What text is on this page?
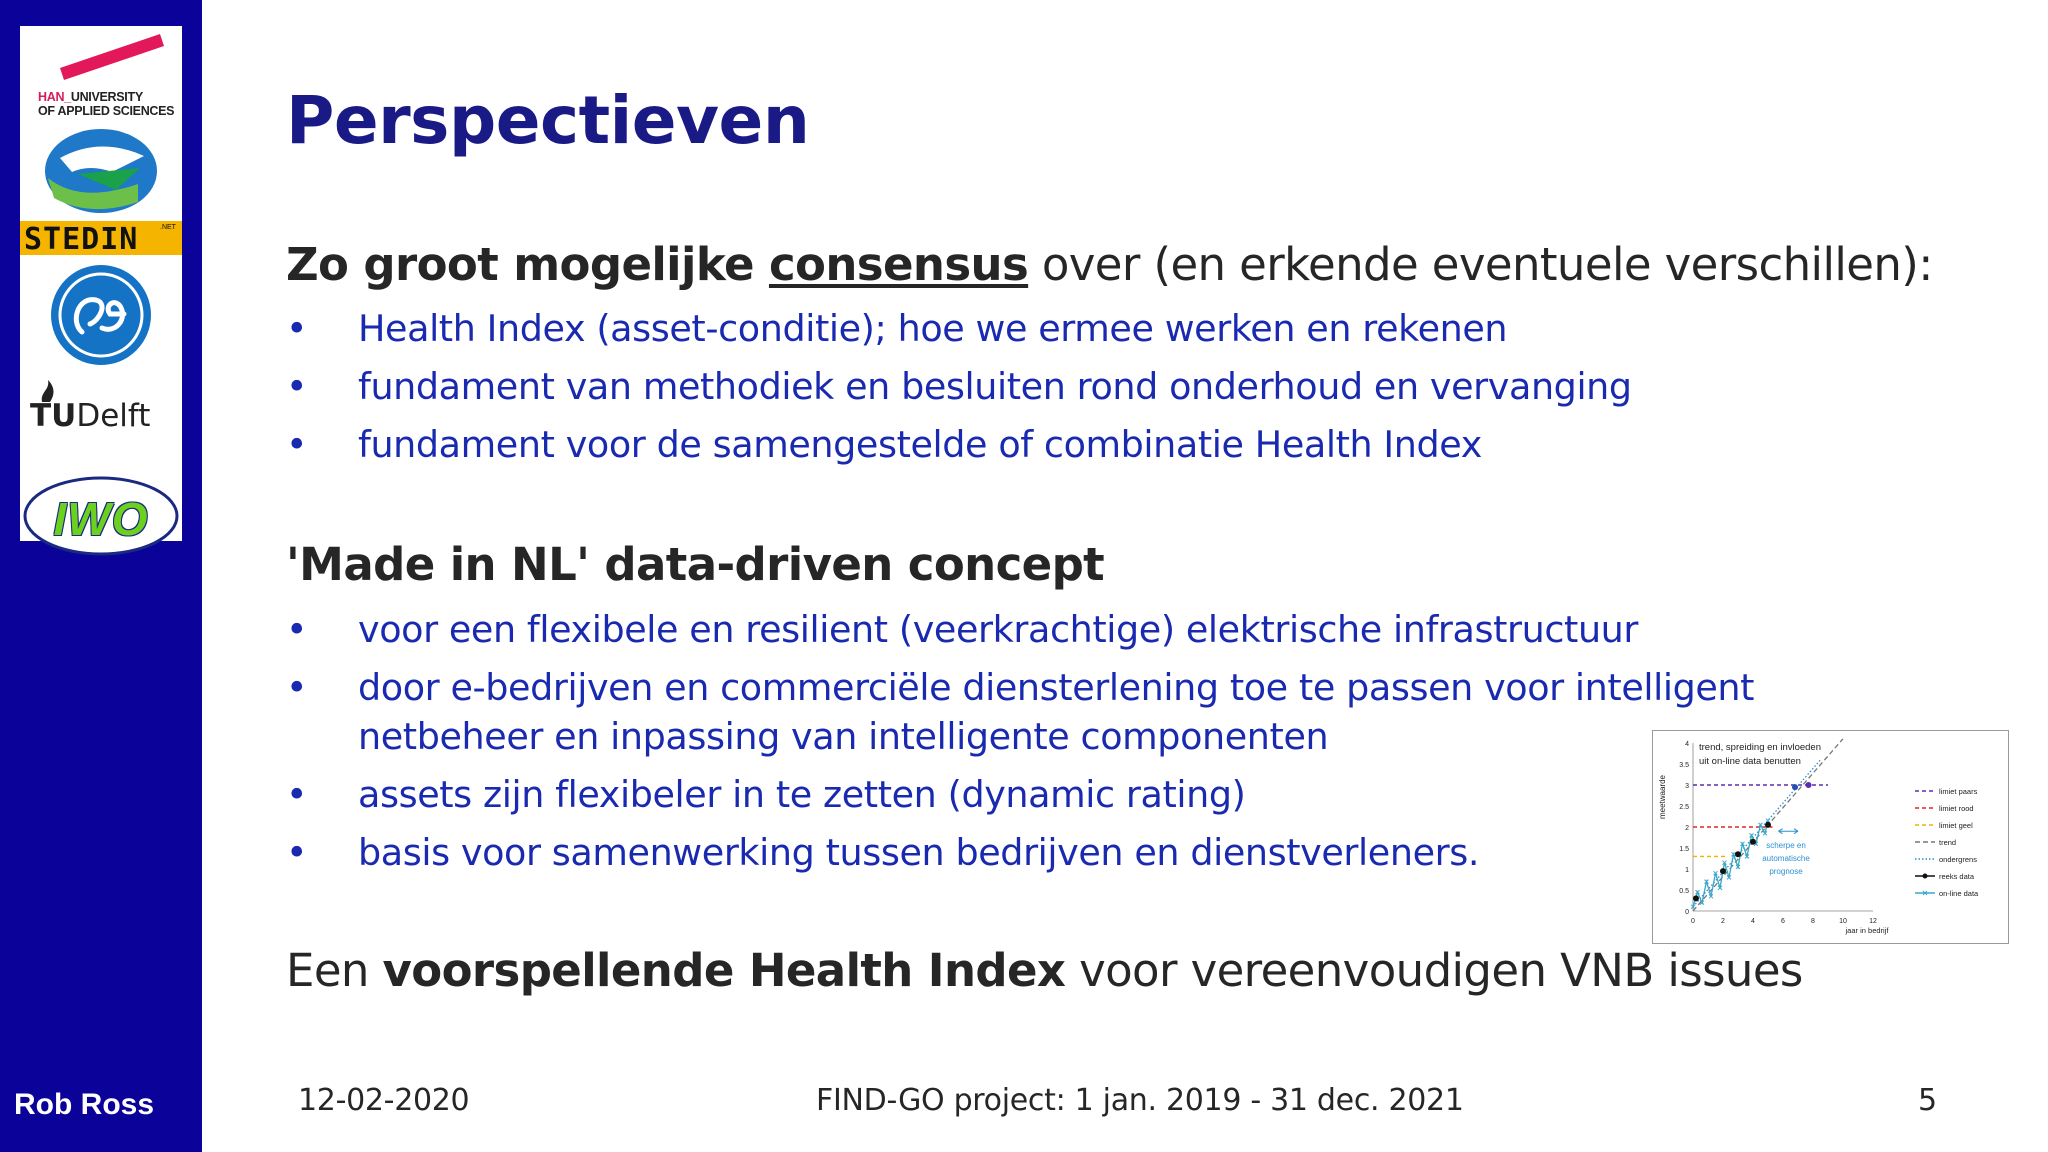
HAN_UNIVERSITY
OF APPLIED SCIENCES
STEDIN	.NET
TUDelft
IWO
Rob Ross
Perspectieven
Zo groot mogelijke consensus over (en erkende eventuele verschillen):
• Health Index (asset-conditie); hoe we ermee werken en rekenen
• fundament van methodiek en besluiten rond onderhoud en vervanging
• fundament voor de samengestelde of combinatie Health Index
'Made in NL' data-driven concept
• voor een flexibele en resilient (veerkrachtige) elektrische infrastructuur
• door e-bedrijven en commerciële diensterlening toe te passen voor intelligent netbeheer en inpassing van intelligente componenten
• assets zijn flexibeler in te zetten (dynamic rating)
• basis voor samenwerking tussen bedrijven en dienstverleners.
0
0.5
1
1.5
2
2.5
3
3.5
4
0	2	4	6	8	10	12
meetwaarde
jaar in bedrijf
trend, spreiding en invloeden
uit on-line data benutten
scherpe en
automatische
prognose
limiet paars
limiet rood
limiet geel
trend
ondergrens
reeks data
on-line data
Een voorspellende Health Index voor vereenvoudigen VNB issues
12-02-2020	FIND-GO project: 1 jan. 2019 - 31 dec. 2021	5
